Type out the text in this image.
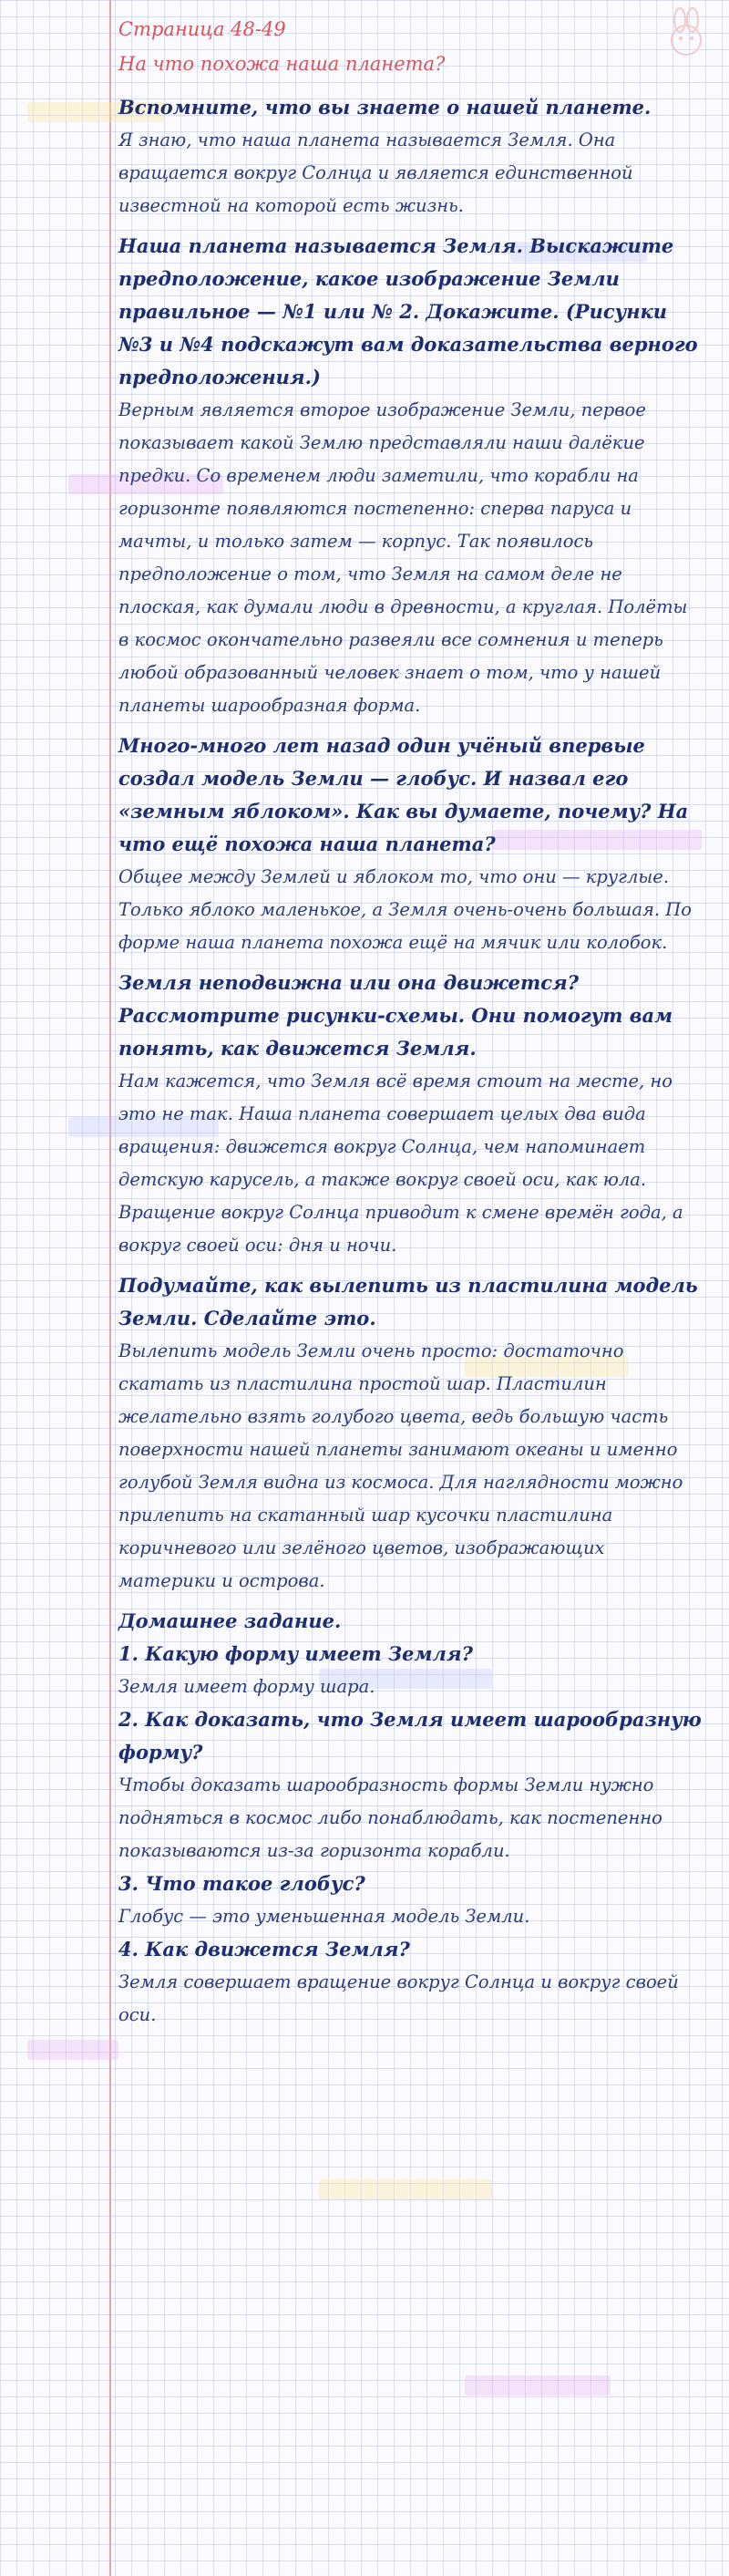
Страница 48-49
На что похожа наша планета?
Вспомните, что вы знаете о нашей планете.
Я знаю, что наша планета называется Земля. Она вращается вокруг Солнца и является единственной известной на которой есть жизнь.
Наша планета называется Земля. Выскажите предположение, какое изображение Земли правильное — №1 или № 2. Докажите. (Рисунки №3 и №4 подскажут вам доказательства верного предположения.)
Верным является второе изображение Земли, первое показывает какой Землю представляли наши далёкие предки. Со временем люди заметили, что корабли на горизонте появляются постепенно: сперва паруса и мачты, и только затем — корпус. Так появилось предположение о том, что Земля на самом деле не плоская, как думали люди в древности, а круглая. Полёты в космос окончательно развеяли все сомнения и теперь любой образованный человек знает о том, что у нашей планеты шарообразная форма.
Много-много лет назад один учёный впервые создал модель Земли — глобус. И назвал его «земным яблоком». Как вы думаете, почему? На что ещё похожа наша планета?
Общее между Землей и яблоком то, что они — круглые. Только яблоко маленькое, а Земля очень-очень большая. По форме наша планета похожа ещё на мячик или колобок.
Земля неподвижна или она движется? Рассмотрите рисунки-схемы. Они помогут вам понять, как движется Земля.
Нам кажется, что Земля всё время стоит на месте, но это не так. Наша планета совершает целых два вида вращения: движется вокруг Солнца, чем напоминает детскую карусель, а также вокруг своей оси, как юла. Вращение вокруг Солнца приводит к смене времён года, а вокруг своей оси: дня и ночи.
Подумайте, как вылепить из пластилина модель Земли. Сделайте это.
Вылепить модель Земли очень просто: достаточно скатать из пластилина простой шар. Пластилин желательно взять голубого цвета, ведь большую часть поверхности нашей планеты занимают океаны и именно голубой Земля видна из космоса. Для наглядности можно прилепить на скатанный шар кусочки пластилина коричневого или зелёного цветов, изображающих материки и острова.
Домашнее задание.
1. Какую форму имеет Земля?
Земля имеет форму шара.
2. Как доказать, что Земля имеет шарообразную форму?
Чтобы доказать шарообразность формы Земли нужно подняться в космос либо понаблюдать, как постепенно показываются из-за горизонта корабли.
3. Что такое глобус?
Глобус — это уменьшенная модель Земли.
4. Как движется Земля?
Земля совершает вращение вокруг Солнца и вокруг своей оси.
